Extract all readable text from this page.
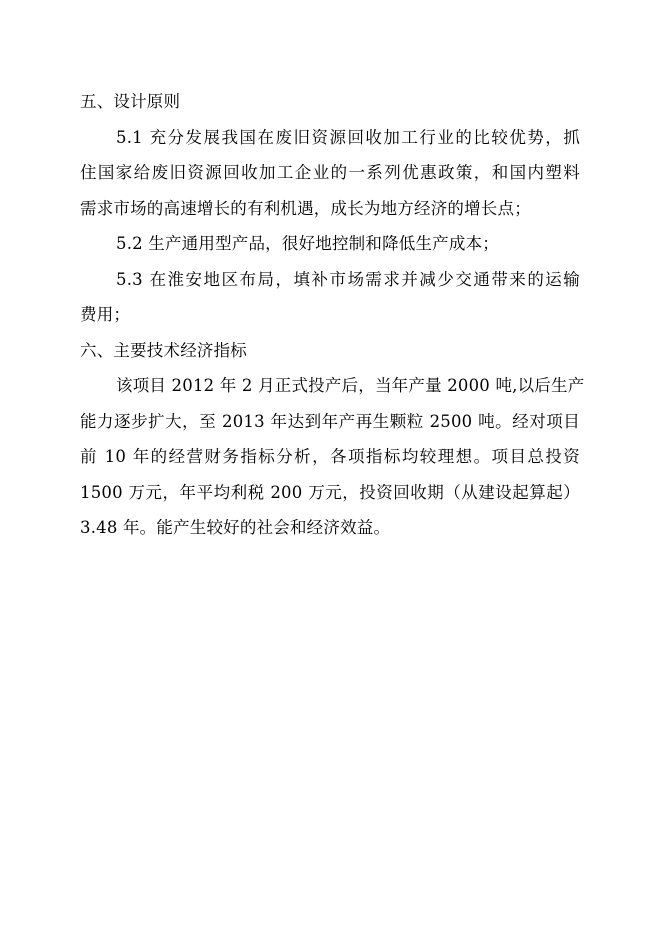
五、设计原则
5.1 充分发展我国在废旧资源回收加工行业的比较优势，抓
住国家给废旧资源回收加工企业的一系列优惠政策，和国内塑料
需求市场的高速增长的有利机遇，成长为地方经济的增长点；
5.2 生产通用型产品，很好地控制和降低生产成本；
5.3 在淮安地区布局，填补市场需求并减少交通带来的运输
费用；
六、主要技术经济指标
该项目 2012 年 2 月正式投产后，当年产量 2000 吨,以后生产
能力逐步扩大，至 2013 年达到年产再生颗粒 2500 吨。经对项目
前 10 年的经营财务指标分析，各项指标均较理想。项目总投资
1500 万元，年平均利税 200 万元，投资回收期（从建设起算起）
3.48 年。能产生较好的社会和经济效益。
